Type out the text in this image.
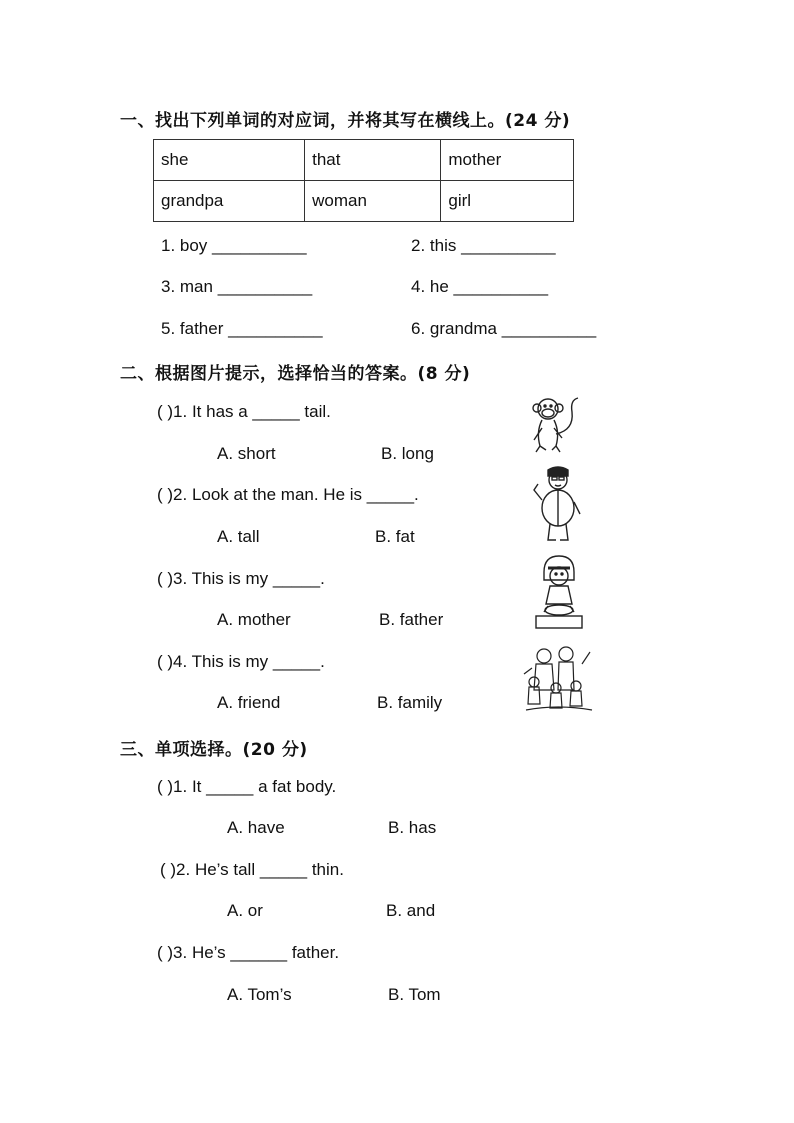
一、找出下列单词的对应词，并将其写在横线上。(24 分)
she	that	mother
grandpa	woman	girl
1. boy __________	2. this __________
3. man __________	4. he __________
5. father __________	6. grandma __________
二、根据图片提示，选择恰当的答案。(8 分)
( )1. It has a _____ tail.
A. short	B. long
( )2. Look at the man. He is _____.
A. tall	B. fat
( )3. This is my _____.
A. mother	B. father
( )4. This is my _____.
A. friend	B. family
三、单项选择。(20 分)
( )1. It _____ a fat body.
A. have	B. has
( )2. He’s tall _____ thin.
A. or	B. and
( )3. He’s ______ father.
A. Tom’s	B. Tom
